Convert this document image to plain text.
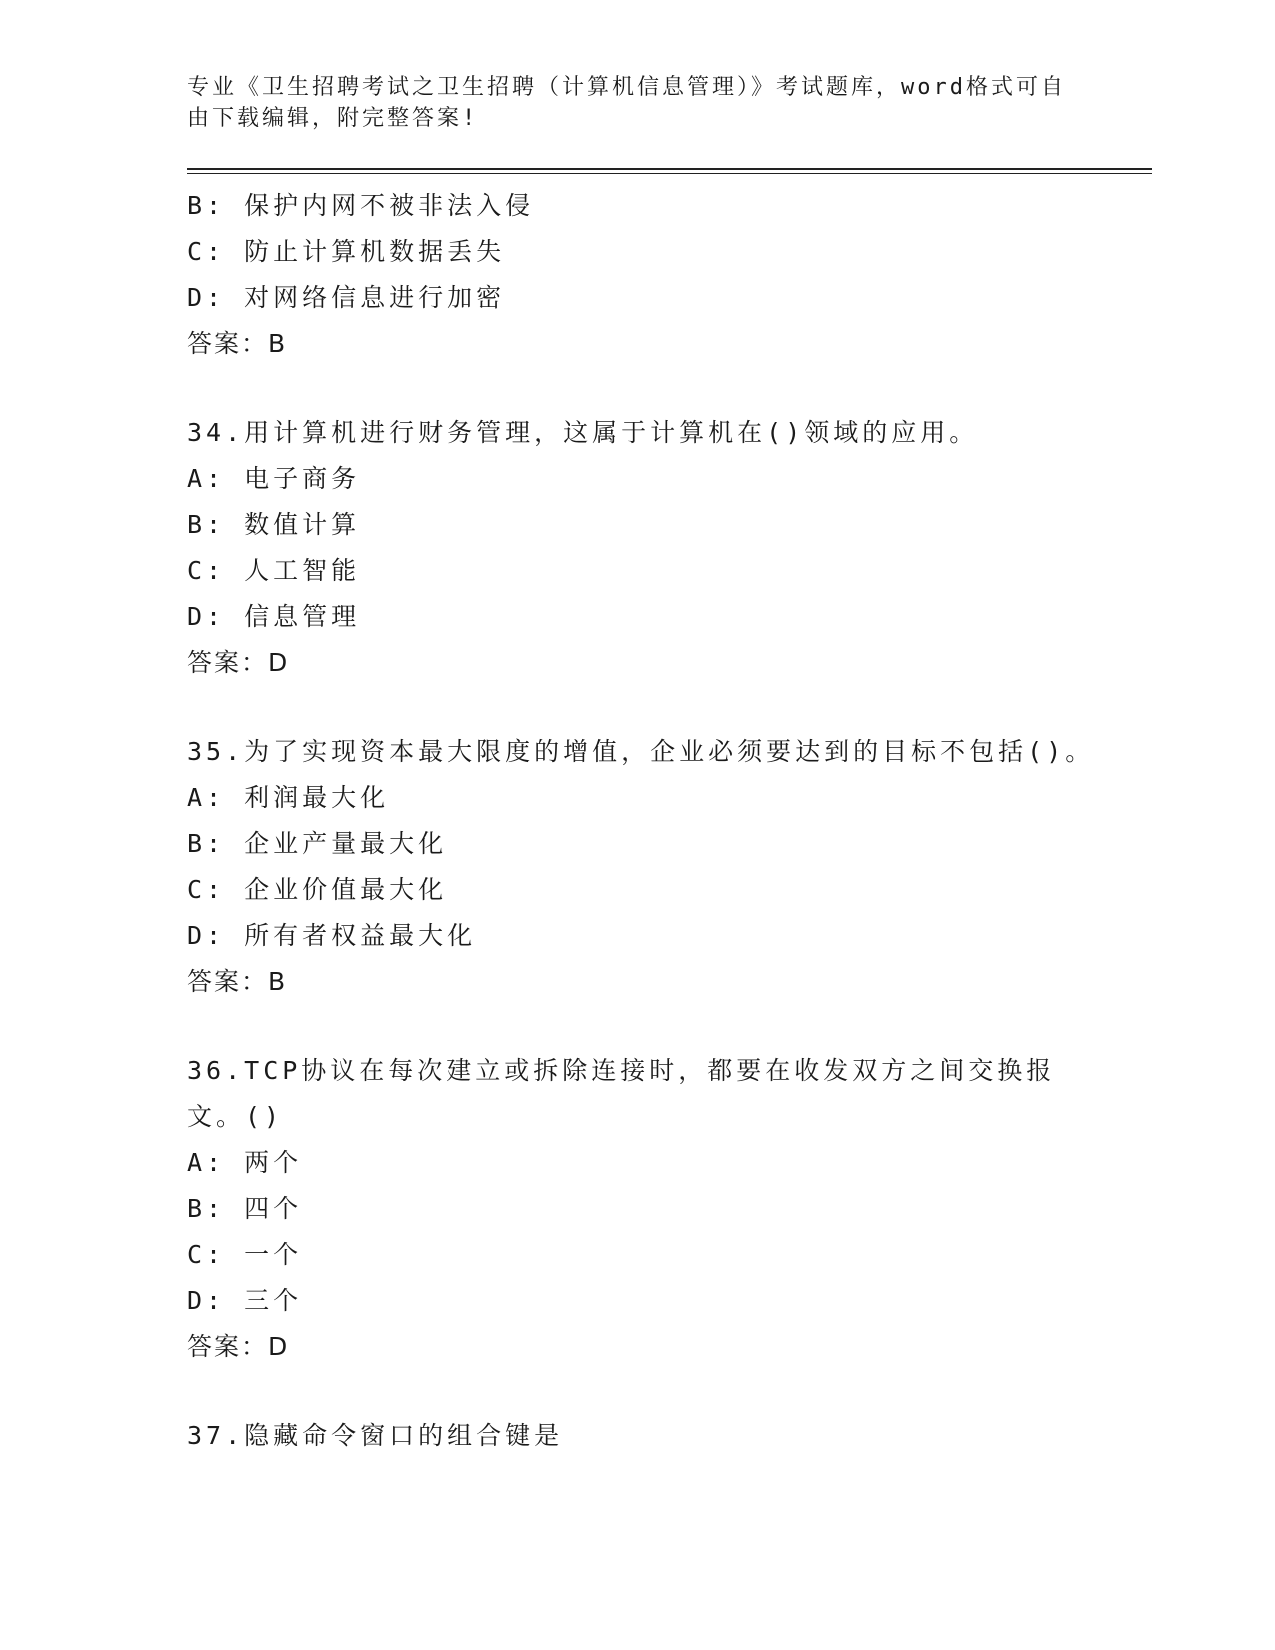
专业《卫生招聘考试之卫生招聘（计算机信息管理）》考试题库，word格式可自由下载编辑，附完整答案!

B: 保护内网不被非法入侵

C: 防止计算机数据丢失

D: 对网络信息进行加密

答案：B

34.用计算机进行财务管理，这属于计算机在()领域的应用。

A: 电子商务

B: 数值计算

C: 人工智能

D: 信息管理

答案：D

35.为了实现资本最大限度的增值，企业必须要达到的目标不包括()。

A: 利润最大化

B: 企业产量最大化

C: 企业价值最大化

D: 所有者权益最大化

答案：B

36.TCP协议在每次建立或拆除连接时，都要在收发双方之间交换报文。()

A: 两个

B: 四个

C: 一个

D: 三个

答案：D

37.隐藏命令窗口的组合键是
